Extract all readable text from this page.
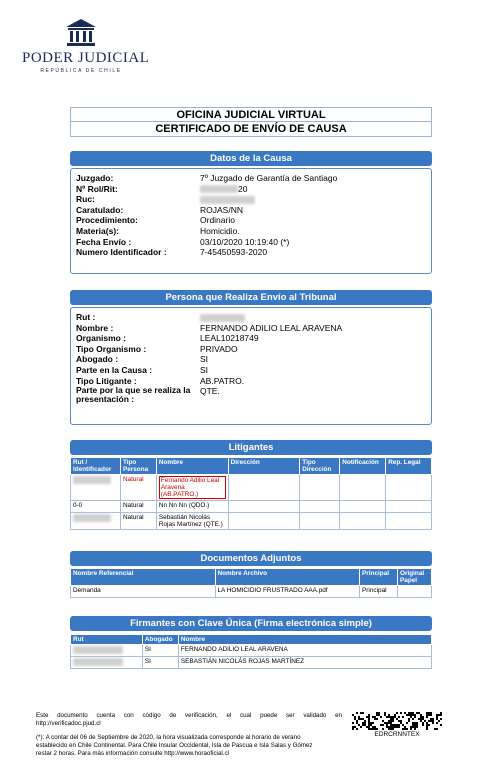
PODER JUDICIAL
REPÚBLICA DE CHILE
OFICINA JUDICIAL VIRTUAL
CERTIFICADO DE ENVÍO DE CAUSA
Datos de la Causa
Juzgado:	7º Juzgado de Garantía de Santiago
Nº Rol/Rit:	20
Ruc:
Caratulado:	ROJAS/NN
Procedimiento:	Ordinario
Materia(s):	Homicidio.
Fecha Envío :	03/10/2020 10:19:40 (*)
Numero Identificador :	7-45450593-2020
Persona que Realiza Envío al Tribunal
Rut :
Nombre :	FERNANDO ADILIO LEAL ARAVENA
Organismo :	LEAL10218749
Tipo Organismo :	PRIVADO
Abogado :	SI
Parte en la Causa :	SI
Tipo Litigante :	AB.PATRO.
Parte por la que se realiza la presentación :
QTE.
Litigantes
Rut / Identificador	Tipo Persona	Nombre	Dirección	Tipo Dirección	Notificación	Rep. Legal
	Natural	Fernando Adilio Leal Aravena (AB.PATRO.)				
0-0	Natural	Nn Nn Nn (QDO.)				
	Natural	Sebastián Nicolás Rojas Martínez (QTE.)				
Documentos Adjuntos
Nombre Referencial	Nombre Archivo	Principal	Original Papel
Demanda	LA HOMICIDIO FRUSTRADO AAA.pdf	Principal	
Firmantes con Clave Única (Firma electrónica simple)
Rut	Abogado	Nombre
	SI	FERNANDO ADILIO LEAL ARAVENA
	SI	SEBASTIÁN NICOLÁS ROJAS MARTÍNEZ
Este documento cuenta con código de verificación, el cual puede ser validado en
http://verificadoc.pjud.cl
(*): A contar del 06 de Septiembre de 2020, la hora visualizada corresponde al horario de verano
establecido en Chile Continental. Para Chile Insular Occidental, Isla de Pascua e Isla Salas y Gómez
restar 2 horas. Para más información consulte http://www.horaoficial.cl
EDRCRNNTEX
